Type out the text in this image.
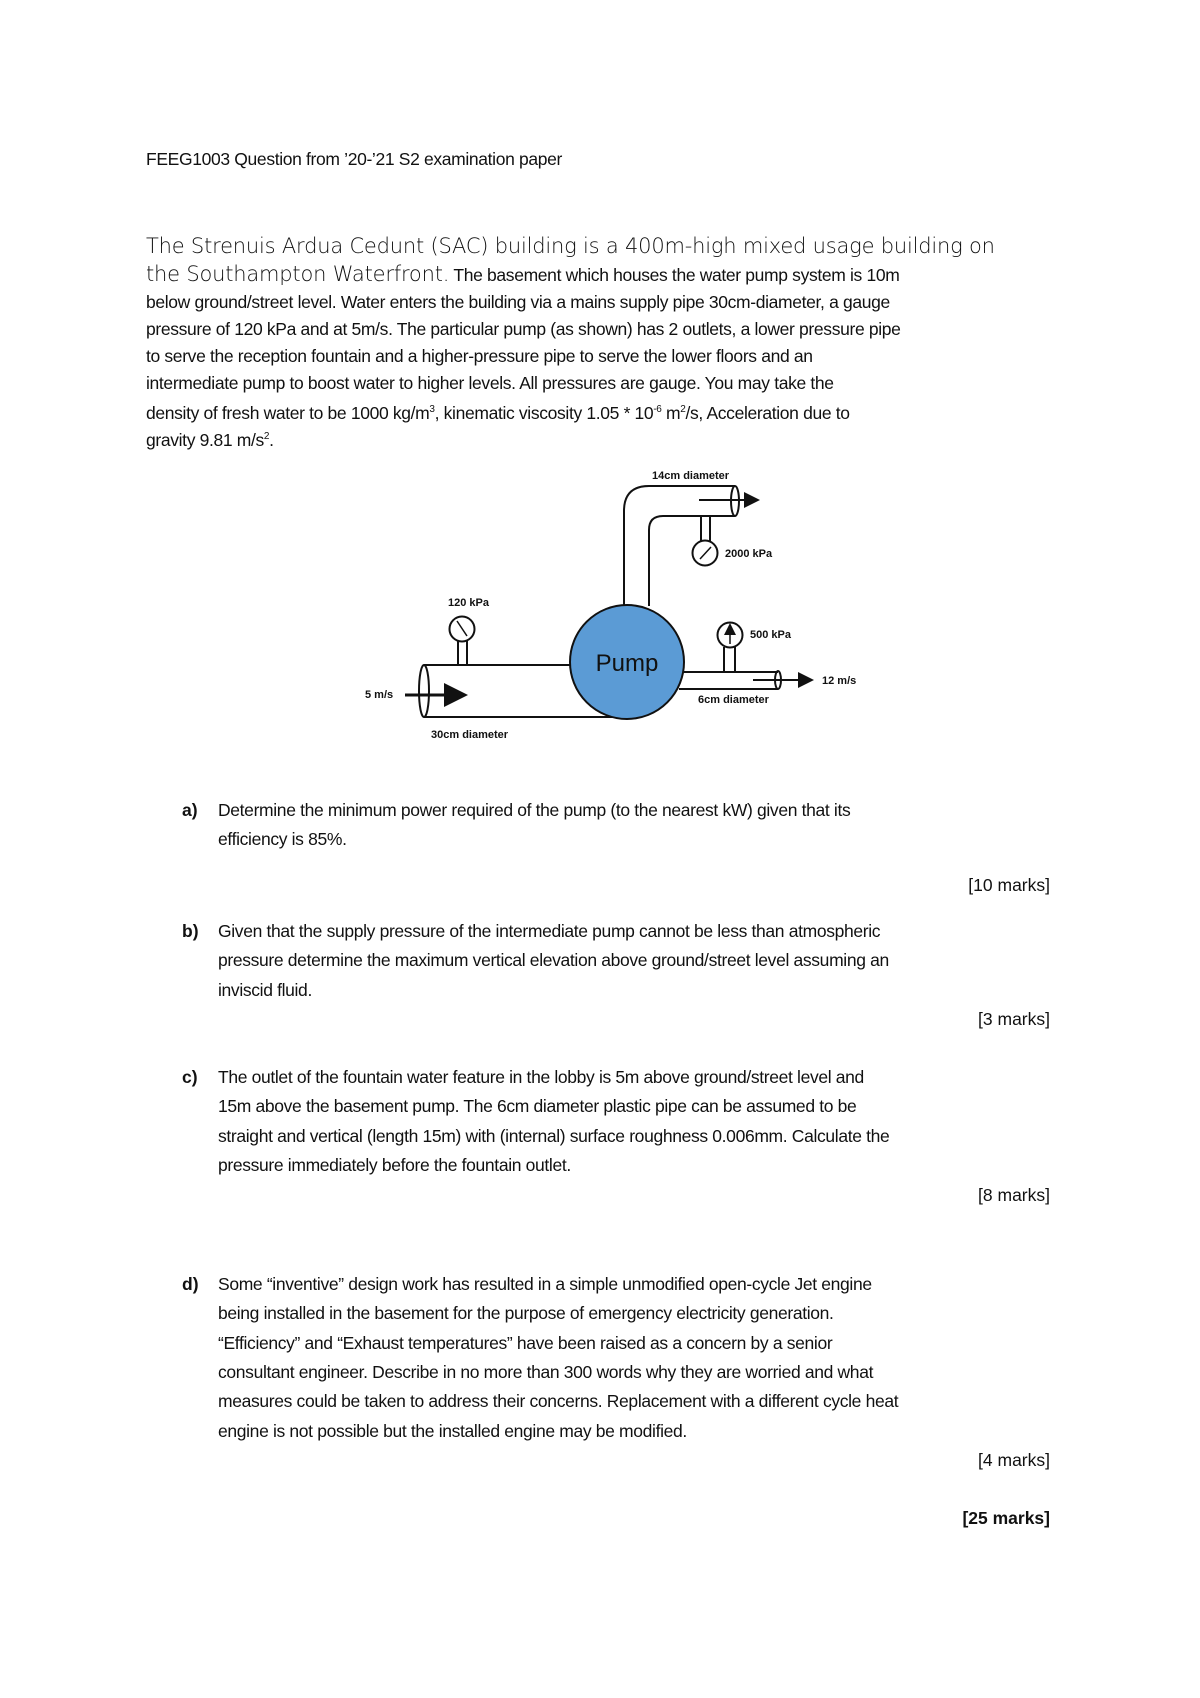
FEEG1003 Question from ’20-’21 S2 examination paper
The Strenuis Ardua Cedunt (SAC) building is a 400m-high mixed usage building on
the Southampton Waterfront. The basement which houses the water pump system is 10m
below ground/street level. Water enters the building via a mains supply pipe 30cm-diameter, a gauge
pressure of 120 kPa and at 5m/s. The particular pump (as shown) has 2 outlets, a lower pressure pipe
to serve the reception fountain and a higher-pressure pipe to serve the lower floors and an
intermediate pump to boost water to higher levels. All pressures are gauge. You may take the
density of fresh water to be 1000 $kg/m^3$, kinematic viscosity $1.05 * 10^{-6}$ $m^2/s$, Acceleration due to
gravity 9.81 $m/s^2$.
Pump
120 kPa
5 m/s
30cm diameter
14cm diameter
2000 kPa
500 kPa
12 m/s
6cm diameter
a) Determine the minimum power required of the pump (to the nearest kW) given that its
efficiency is 85%.
[10 marks]
b) Given that the supply pressure of the intermediate pump cannot be less than atmospheric
pressure determine the maximum vertical elevation above ground/street level assuming an
inviscid fluid.
[3 marks]
c) The outlet of the fountain water feature in the lobby is 5m above ground/street level and
15m above the basement pump. The 6cm diameter plastic pipe can be assumed to be
straight and vertical (length 15m) with (internal) surface roughness 0.006mm. Calculate the
pressure immediately before the fountain outlet.
[8 marks]
d) Some “inventive” design work has resulted in a simple unmodified open-cycle Jet engine
being installed in the basement for the purpose of emergency electricity generation.
“Efficiency” and “Exhaust temperatures” have been raised as a concern by a senior
consultant engineer. Describe in no more than 300 words why they are worried and what
measures could be taken to address their concerns. Replacement with a different cycle heat
engine is not possible but the installed engine may be modified.
[4 marks]
[25 marks]
